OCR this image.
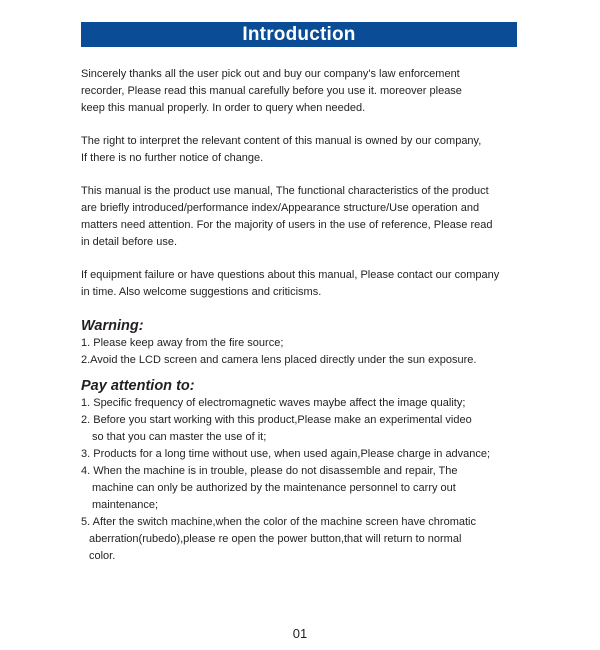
Introduction
Sincerely thanks all the user pick out and buy our company's law enforcement
recorder, Please read this manual carefully before you use it. moreover please
keep this manual properly. In order to query when needed.
The right to interpret the relevant content of this manual is owned by our company,
If there is no further notice of change.
This manual is the product use manual, The functional characteristics of the product
are briefly introduced/performance index/Appearance structure/Use operation and
matters need attention. For the majority of users in the use of reference, Please read
in detail before use.
If equipment failure or have questions about this manual, Please contact our company
in time. Also welcome suggestions and criticisms.
Warning:
1. Please keep away from the fire source;
2.Avoid the LCD screen and camera lens placed directly under the sun exposure.
Pay attention to:
1. Specific frequency of electromagnetic waves maybe affect the image quality;
2. Before you start working with this product,Please make an experimental video
so that you can master the use of it;
3. Products for a long time without use, when used again,Please charge in advance;
4. When the machine is in trouble, please do not disassemble and repair, The
machine can only be authorized by the maintenance personnel to carry out
maintenance;
5. After the switch machine,when the color of the machine screen have chromatic
aberration(rubedo),please re open the power button,that will return to normal
color.
01
